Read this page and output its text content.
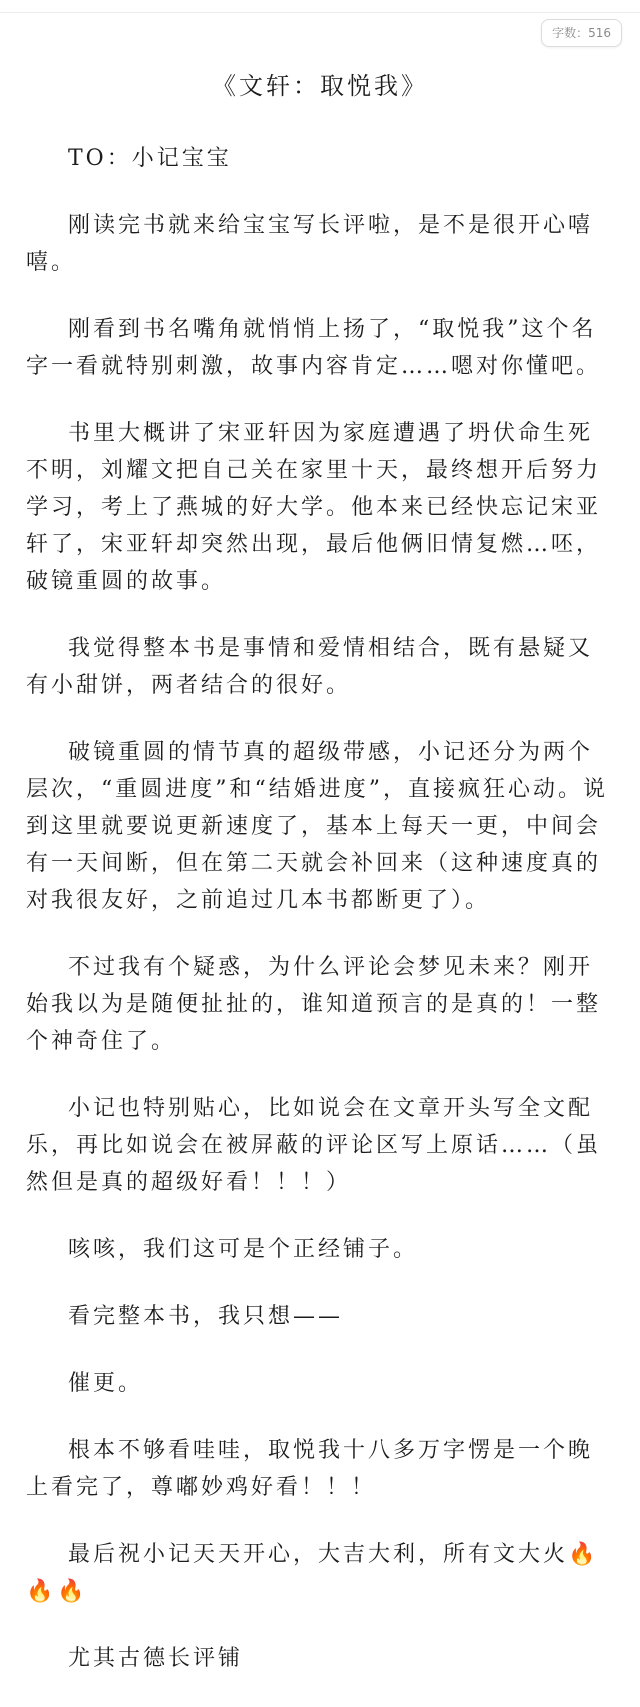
字数：516
《文轩：取悦我》

TO：小记宝宝

刚读完书就来给宝宝写长评啦，是不是很开心嘻嘻。

刚看到书名嘴角就悄悄上扬了，“取悦我”这个名字一看就特别刺激，故事内容肯定……嗯对你懂吧。

书里大概讲了宋亚轩因为家庭遭遇了坍伏命生死不明，刘耀文把自己关在家里十天，最终想开后努力学习，考上了燕城的好大学。他本来已经快忘记宋亚轩了，宋亚轩却突然出现，最后他俩旧情复燃…呸，破镜重圆的故事。

我觉得整本书是事情和爱情相结合，既有悬疑又有小甜饼，两者结合的很好。

破镜重圆的情节真的超级带感，小记还分为两个层次，“重圆进度”和“结婚进度”，直接疯狂心动。说到这里就要说更新速度了，基本上每天一更，中间会有一天间断，但在第二天就会补回来（这种速度真的对我很友好，之前追过几本书都断更了）。

不过我有个疑惑，为什么评论会梦见未来？刚开始我以为是随便扯扯的，谁知道预言的是真的！一整个神奇住了。

小记也特别贴心，比如说会在文章开头写全文配乐，再比如说会在被屏蔽的评论区写上原话……（虽然但是真的超级好看！！！）

咳咳，我们这可是个正经铺子。

看完整本书，我只想——

催更。

根本不够看哇哇，取悦我十八多万字愣是一个晚上看完了，尊嘟妙鸡好看！！！

最后祝小记天天开心，大吉大利，所有文大火🔥🔥🔥

尤其古德长评铺
